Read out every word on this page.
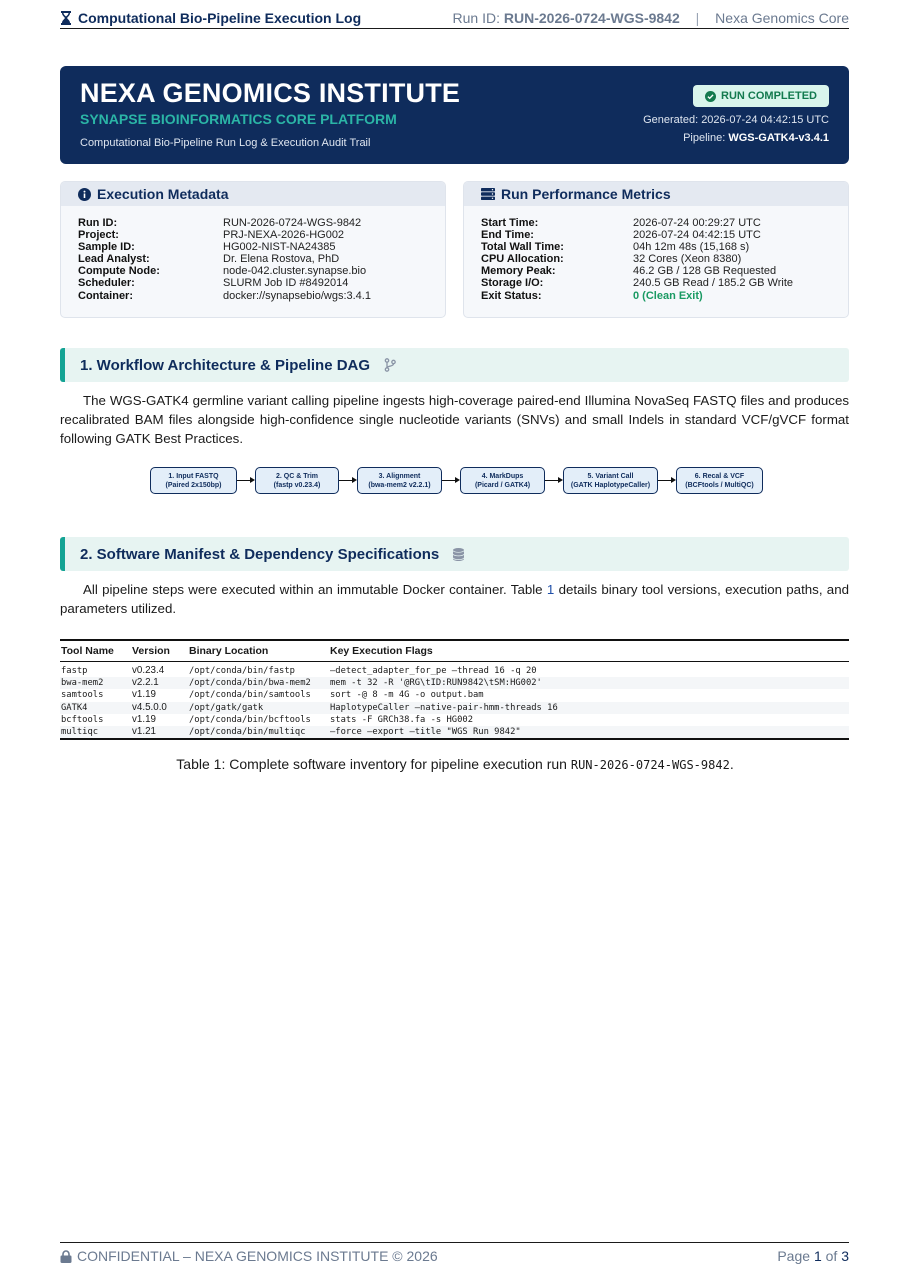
Computational Bio-Pipeline Execution Log	Run ID: RUN-2026-0724-WGS-9842 | Nexa Genomics Core
NEXA GENOMICS INSTITUTE
SYNAPSE BIOINFORMATICS CORE PLATFORM
Computational Bio-Pipeline Run Log & Execution Audit Trail
RUN COMPLETED
Generated: 2026-07-24 04:42:15 UTC
Pipeline: WGS-GATK4-v3.4.1
Execution Metadata
Run ID:	RUN-2026-0724-WGS-9842
Project:	PRJ-NEXA-2026-HG002
Sample ID:	HG002-NIST-NA24385
Lead Analyst:	Dr. Elena Rostova, PhD
Compute Node:	node-042.cluster.synapse.bio
Scheduler:	SLURM Job ID #8492014
Container:	docker://synapsebio/wgs:3.4.1
Run Performance Metrics
Start Time:	2026-07-24 00:29:27 UTC
End Time:	2026-07-24 04:42:15 UTC
Total Wall Time:	04h 12m 48s (15,168 s)
CPU Allocation:	32 Cores (Xeon 8380)
Memory Peak:	46.2 GB / 128 GB Requested
Storage I/O:	240.5 GB Read / 185.2 GB Write
Exit Status:	0 (Clean Exit)
1. Workflow Architecture & Pipeline DAG
The WGS-GATK4 germline variant calling pipeline ingests high-coverage paired-end Illumina NovaSeq FASTQ files and produces recalibrated BAM files alongside high-confidence single nucleotide variants (SNVs) and small Indels in standard VCF/gVCF format following GATK Best Practices.
1. Input FASTQ
(Paired 2x150bp)
2. QC & Trim
(fastp v0.23.4)
3. Alignment
(bwa-mem2 v2.2.1)
4. MarkDups
(Picard / GATK4)
5. Variant Call
(GATK HaplotypeCaller)
6. Recal & VCF
(BCFtools / MultiQC)
2. Software Manifest & Dependency Specifications
All pipeline steps were executed within an immutable Docker container. Table 1 details binary tool versions, execution paths, and parameters utilized.
Tool Name	Version	Binary Location	Key Execution Flags
fastp	v0.23.4	/opt/conda/bin/fastp	—detect_adapter_for_pe —thread 16 -q 20
bwa-mem2	v2.2.1	/opt/conda/bin/bwa-mem2	mem -t 32 -R '@RG\tID:RUN9842\tSM:HG002'
samtools	v1.19	/opt/conda/bin/samtools	sort -@ 8 -m 4G -o output.bam
GATK4	v4.5.0.0	/opt/gatk/gatk	HaplotypeCaller —native-pair-hmm-threads 16
bcftools	v1.19	/opt/conda/bin/bcftools	stats -F GRCh38.fa -s HG002
multiqc	v1.21	/opt/conda/bin/multiqc	—force —export —title "WGS Run 9842"
Table 1: Complete software inventory for pipeline execution run RUN-2026-0724-WGS-9842.
CONFIDENTIAL – NEXA GENOMICS INSTITUTE © 2026	Page 1 of 3
